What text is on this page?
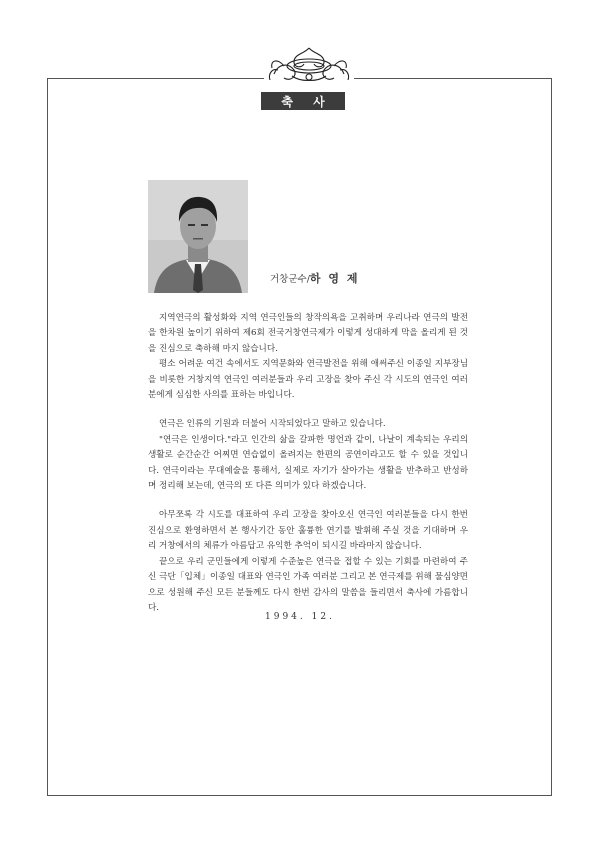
축 사
거창군수/하 영 제

지역연극의 활성화와 지역 연극인들의 창작의욕을 고취하며 우리나라 연극의 발전을 한차원 높이기 위하여 제6회 전국거창연극제가 이렇게 성대하게 막을 올리게 된 것을 진심으로 축하해 마지 않습니다.

평소 어려운 여건 속에서도 지역문화와 연극발전을 위해 애써주신 이종일 지부장님을 비롯한 거창지역 연극인 여러분들과 우리 고장을 찾아 주신 각 시도의 연극인 여러분에게 심심한 사의를 표하는 바입니다.

연극은 인류의 기원과 더불어 시작되었다고 말하고 있습니다.

"연극은 인생이다."라고 인간의 삶을 갈파한 명언과 같이, 나날이 계속되는 우리의 생활로 순간순간 어찌면 연습없이 올려지는 한편의 공연이라고도 할 수 있을 것입니다. 연극이라는 무대예술을 통해서, 실제로 자기가 살아가는 생활을 반추하고 반성하며 정리해 보는데, 연극의 또 다른 의미가 있다 하겠습니다.

아무쪼록 각 시도를 대표하여 우리 고장을 찾아오신 연극인 여러분들을 다시 한번 진심으로 환영하면서 본 행사기간 동안 훌륭한 연기를 발휘해 주실 것을 기대하며 우리 거창에서의 체류가 아름답고 유익한 추억이 되시길 바라마지 않습니다.

끝으로 우리 군민들에게 이렇게 수준높은 연극을 접할 수 있는 기회를 마련하여 주신 극단「입체」이종일 대표와 연극인 가족 여러분 그리고 본 연극제를 위해 물심양면으로 성원해 주신 모든 분들께도 다시 한번 감사의 말씀을 들리면서 축사에 가름합니다.

1994. 12.
